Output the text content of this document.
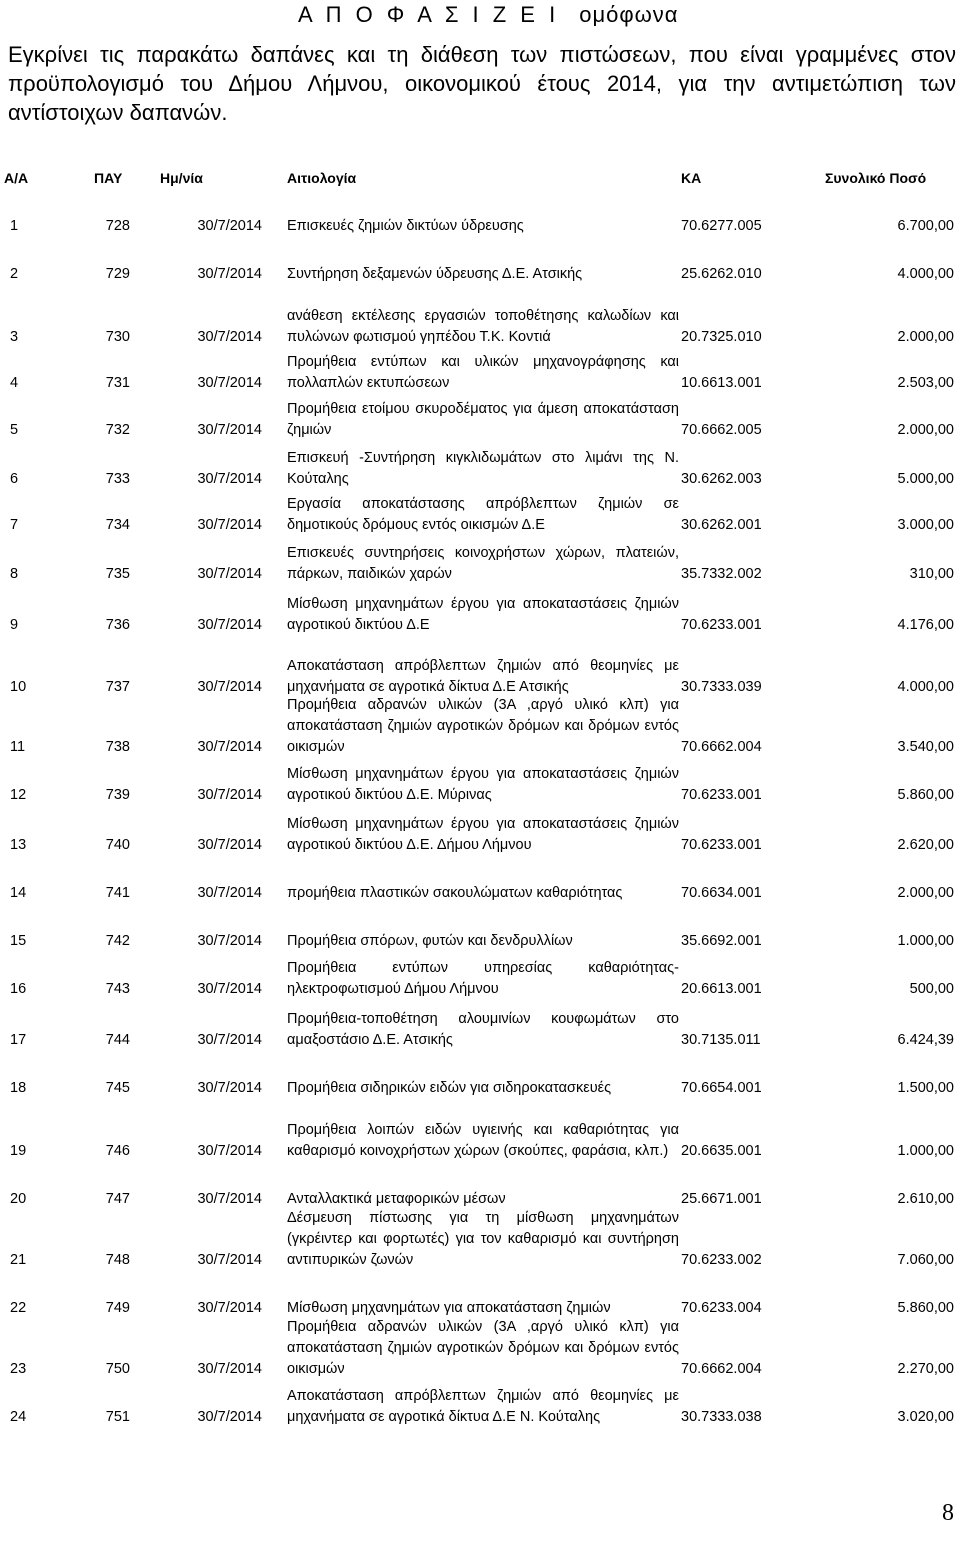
Α Π Ο Φ Α Σ Ι Ζ Ε Ι ομόφωνα
Εγκρίνει τις παρακάτω δαπάνες και τη διάθεση των πιστώσεων, που είναι γραμμένες στον προϋπολογισμό του Δήμου Λήμνου, οικονομικού έτους 2014, για την αντιμετώπιση των αντίστοιχων δαπανών.
Α/Α	ΠΑΥ	Ημ/νία	Αιτιολογία	ΚΑ	Συνολικό Ποσό
1	728	30/7/2014 Επισκευές ζημιών δικτύων ύδρευσης	70.6277.005	6.700,00
2	729	30/7/2014 Συντήρηση δεξαμενών ύδρευσης Δ.Ε. Ατσικής	25.6262.010	4.000,00
3	730	30/7/2014
ανάθεση εκτέλεσης εργασιών τοποθέτησης καλωδίων και πυλώνων φωτισμού γηπέδου Τ.Κ. Κοντιά	20.7325.010	2.000,00
4	731	30/7/2014
Προμήθεια εντύπων και υλικών μηχανογράφησης και πολλαπλών εκτυπώσεων	10.6613.001	2.503,00
5	732	30/7/2014
Προμήθεια ετοίμου σκυροδέματος για άμεση αποκατάσταση ζημιών	70.6662.005	2.000,00
6	733	30/7/2014
Επισκευή -Συντήρηση κιγκλιδωμάτων στο λιμάνι της Ν. Κούταλης	30.6262.003	5.000,00
7	734	30/7/2014
Εργασία αποκατάστασης απρόβλεπτων ζημιών σε δημοτικούς δρόμους εντός οικισμών Δ.Ε	30.6262.001	3.000,00
8	735	30/7/2014
Επισκευές συντηρήσεις κοινοχρήστων χώρων, πλατειών, πάρκων, παιδικών χαρών	35.7332.002	310,00
9	736	30/7/2014
Μίσθωση μηχανημάτων έργου για αποκαταστάσεις ζημιών αγροτικού δικτύου Δ.Ε	70.6233.001	4.176,00
10	737	30/7/2014
Αποκατάσταση απρόβλεπτων ζημιών από θεομηνίες με μηχανήματα σε αγροτικά δίκτυα Δ.Ε Ατσικής	30.7333.039	4.000,00
11	738	30/7/2014
Προμήθεια αδρανών υλικών (3Α ,αργό υλικό κλπ) για αποκατάσταση ζημιών αγροτικών δρόμων και δρόμων εντός οικισμών	70.6662.004	3.540,00
12	739	30/7/2014
Μίσθωση μηχανημάτων έργου για αποκαταστάσεις ζημιών αγροτικού δικτύου Δ.Ε. Μύρινας	70.6233.001	5.860,00
13	740	30/7/2014
Μίσθωση μηχανημάτων έργου για αποκαταστάσεις ζημιών αγροτικού δικτύου Δ.Ε. Δήμου Λήμνου	70.6233.001	2.620,00
14	741	30/7/2014 προμήθεια πλαστικών σακουλώματων καθαριότητας	70.6634.001	2.000,00
15	742	30/7/2014 Προμήθεια σπόρων, φυτών και δενδρυλλίων	35.6692.001	1.000,00
16	743	30/7/2014
Προμήθεια εντύπων υπηρεσίας καθαριότητας-ηλεκτροφωτισμού Δήμου Λήμνου	20.6613.001	500,00
17	744	30/7/2014
Προμήθεια-τοποθέτηση αλουμινίων κουφωμάτων στο αμαξοστάσιο Δ.Ε. Ατσικής	30.7135.011	6.424,39
18	745	30/7/2014 Προμήθεια σιδηρικών ειδών για σιδηροκατασκευές	70.6654.001	1.500,00
19	746	30/7/2014
Προμήθεια λοιπών ειδών υγιεινής και καθαριότητας για καθαρισμό κοινοχρήστων χώρων (σκούπες, φαράσια, κλπ.) 20.6635.001	1.000,00
20	747	30/7/2014 Ανταλλακτικά μεταφορικών μέσων	25.6671.001	2.610,00
21	748	30/7/2014
Δέσμευση πίστωσης για τη μίσθωση μηχανημάτων (γκρέιντερ και φορτωτές) για τον καθαρισμό και συντήρηση αντιπυρικών ζωνών	70.6233.002	7.060,00
22	749	30/7/2014 Μίσθωση μηχανημάτων για αποκατάσταση ζημιών	70.6233.004	5.860,00
23	750	30/7/2014
Προμήθεια αδρανών υλικών (3Α ,αργό υλικό κλπ) για αποκατάσταση ζημιών αγροτικών δρόμων και δρόμων εντός οικισμών	70.6662.004	2.270,00
24	751	30/7/2014
Αποκατάσταση απρόβλεπτων ζημιών από θεομηνίες με μηχανήματα σε αγροτικά δίκτυα Δ.Ε Ν. Κούταλης	30.7333.038	3.020,00
8
